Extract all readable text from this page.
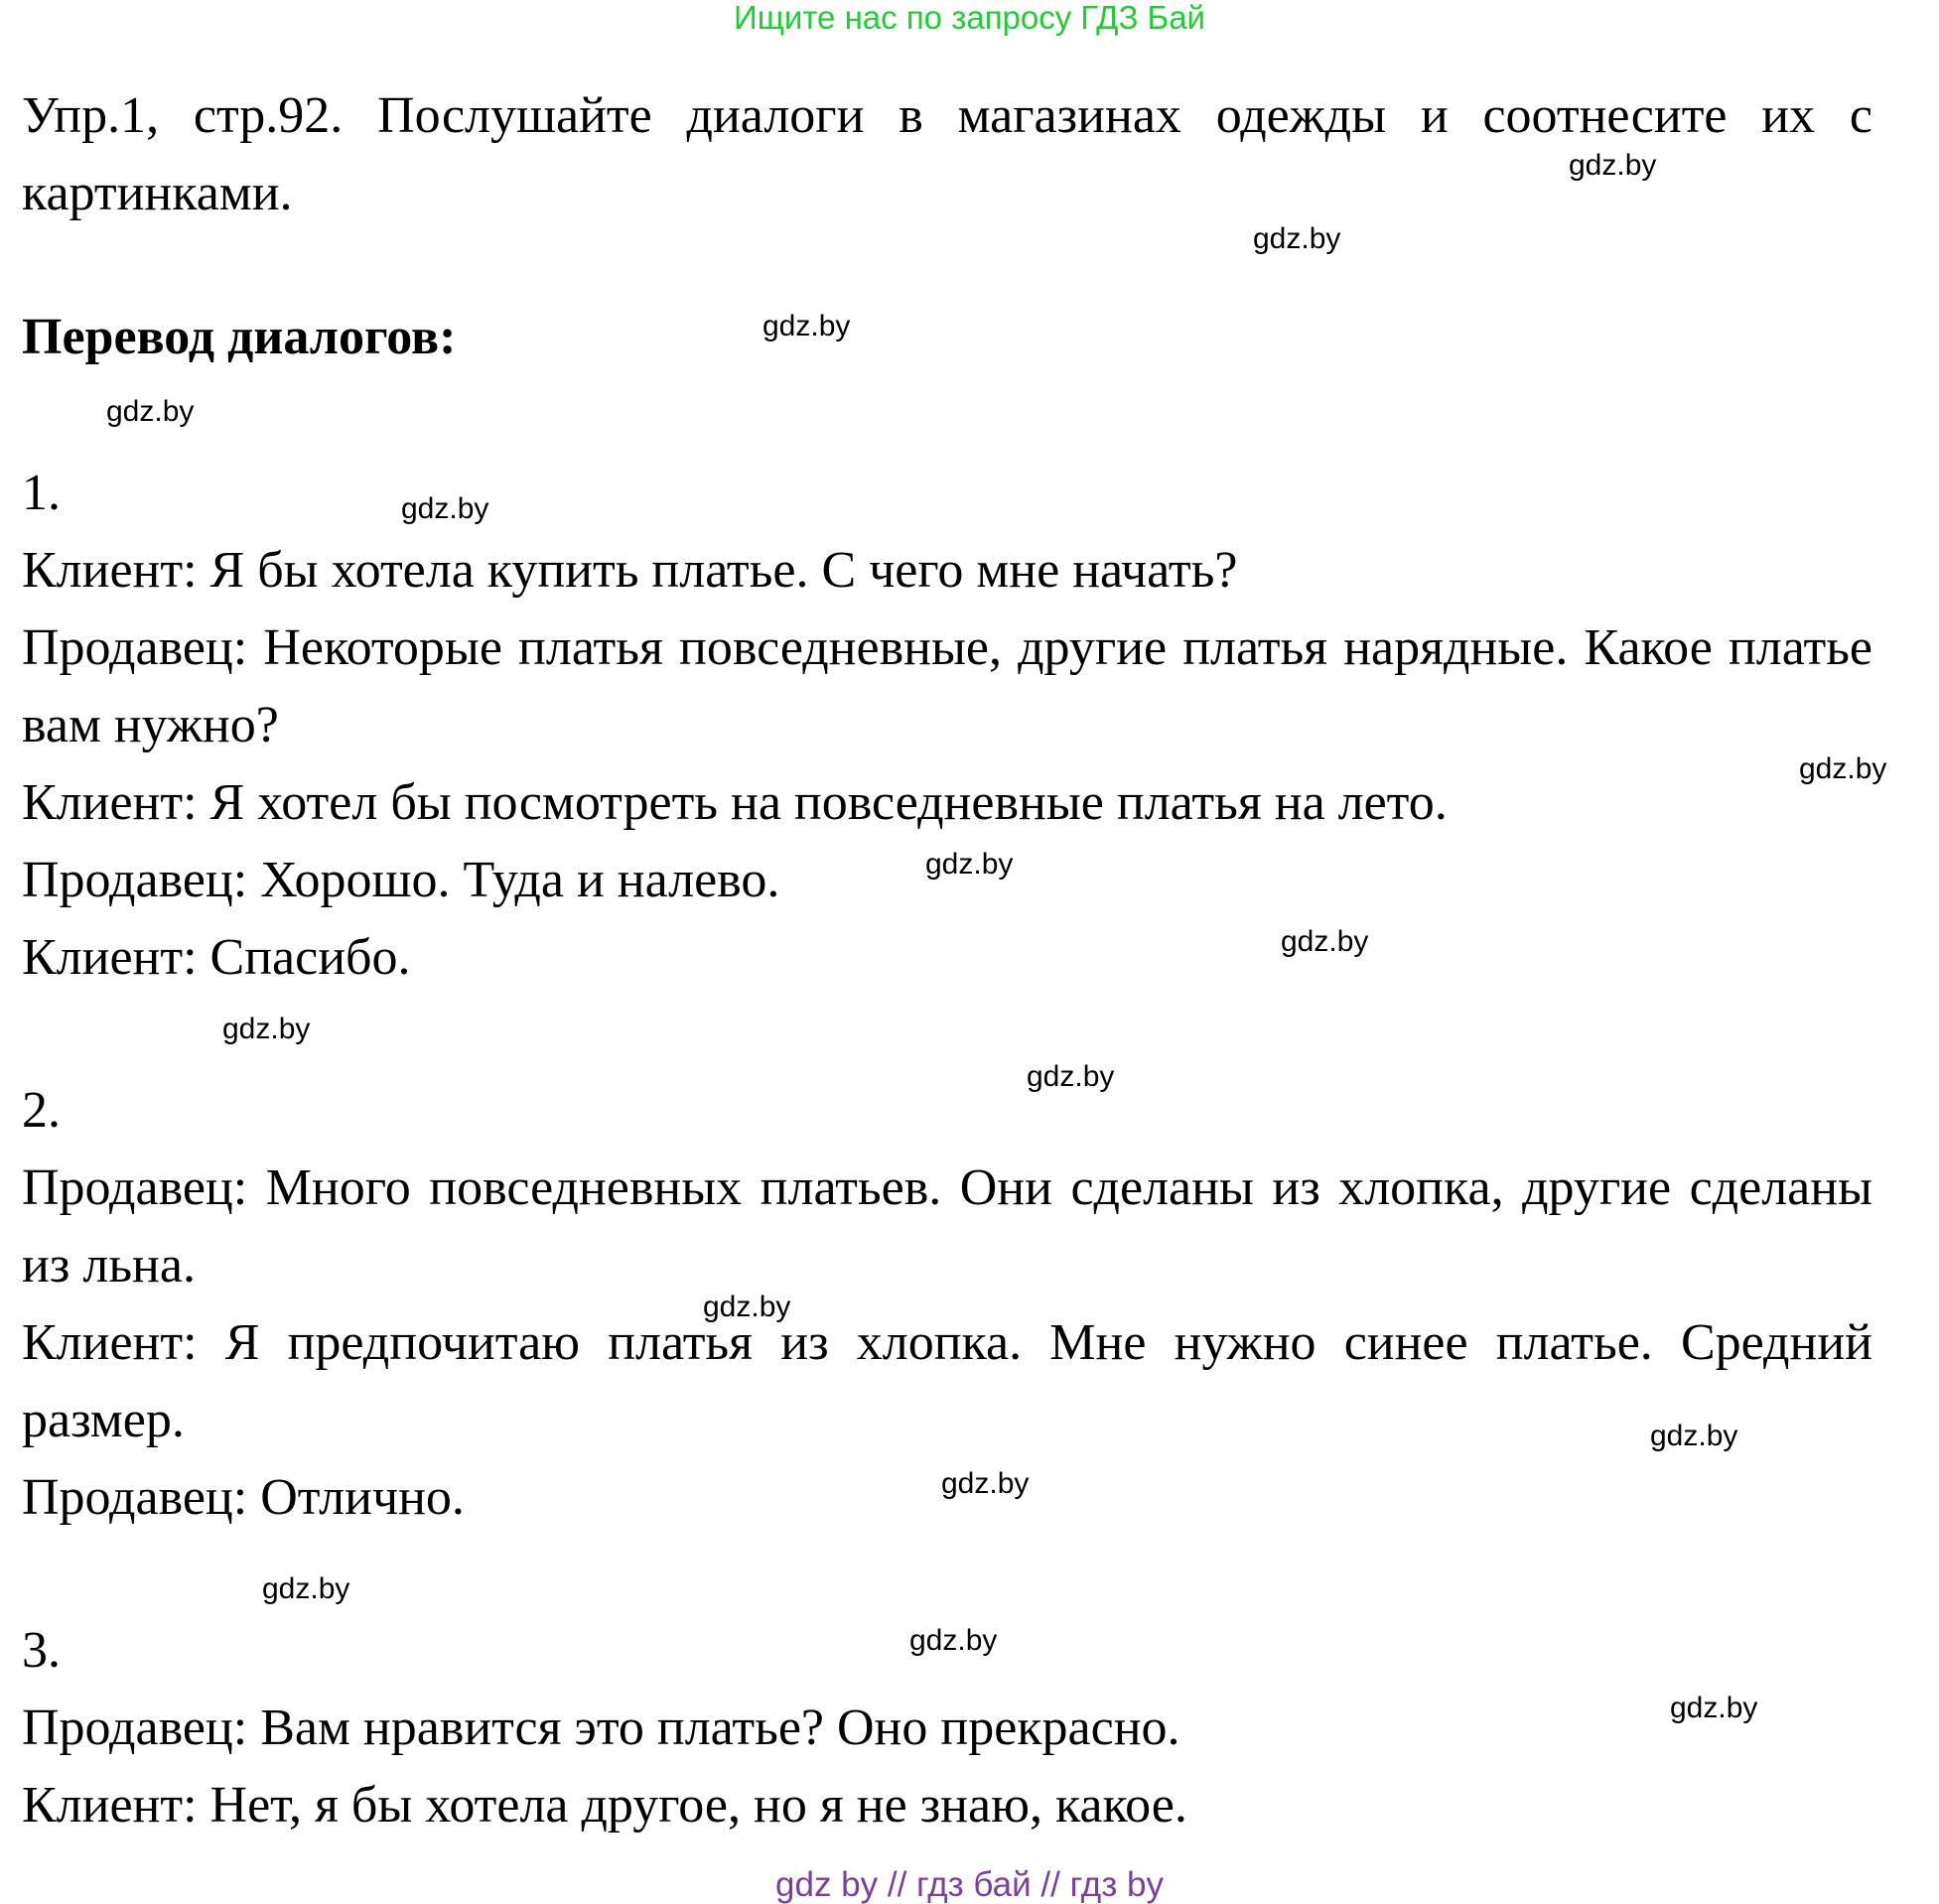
Ищите нас по запросу ГДЗ Бай

Упр.1, стр.92. Послушайте диалоги в магазинах одежды и соотнесите их с картинками.

Перевод диалогов:
1.
Клиент: Я бы хотела купить платье. С чего мне начать?
Продавец: Некоторые платья повседневные, другие платья нарядные. Какое платье вам нужно?
Клиент: Я хотел бы посмотреть на повседневные платья на лето.
Продавец: Хорошо. Туда и налево.
Клиент: Спасибо.
2.
Продавец: Много повседневных платьев. Они сделаны из хлопка, другие сделаны из льна.
Клиент: Я предпочитаю платья из хлопка. Мне нужно синее платье. Средний размер.
Продавец: Отлично.
3.
Продавец: Вам нравится это платье? Оно прекрасно.
Клиент: Нет, я бы хотела другое, но я не знаю, какое.
gdz.by
gdz.by
gdz.by
gdz.by
gdz.by
gdz.by
gdz.by
gdz.by
gdz.by
gdz.by
gdz.by
gdz.by
gdz.by
gdz.by
gdz.by
gdz.by
gdz by // гдз бай // гдз by
